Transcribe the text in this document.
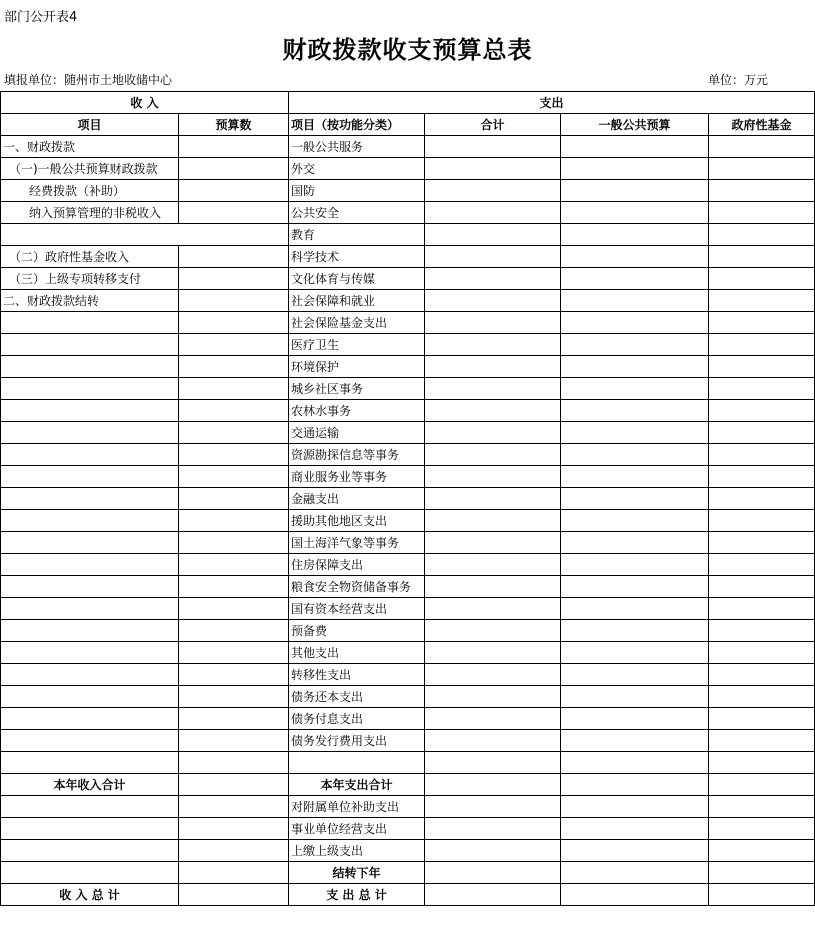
部门公开表4
财政拨款收支预算总表
填报单位：随州市土地收储中心	单位：万元
收 入		支出			
项目	预算数	项目（按功能分类）	合计	一般公共预算	政府性基金
一、财政拨款		一般公共服务			
（一)一般公共预算财政拨款		外交			
经费拨款（补助）		国防			
纳入预算管理的非税收入		公共安全			
		教育			
（二）政府性基金收入		科学技术			
（三）上级专项转移支付		文化体育与传媒			
二、财政拨款结转		社会保障和就业			
		社会保险基金支出			
		医疗卫生			
		环境保护			
		城乡社区事务			
		农林水事务			
		交通运输			
		资源勘探信息等事务			
		商业服务业等事务			
		金融支出			
		援助其他地区支出			
		国土海洋气象等事务			
		住房保障支出			
		粮食安全物资储备事务			
		国有资本经营支出			
		预备费			
		其他支出			
		转移性支出			
		债务还本支出			
		债务付息支出			
		债务发行费用支出			

本年收入合计		本年支出合计			
		对附属单位补助支出			
		事业单位经营支出			
		上缴上级支出			
		结转下年			
收 入 总 计		支 出 总 计			
